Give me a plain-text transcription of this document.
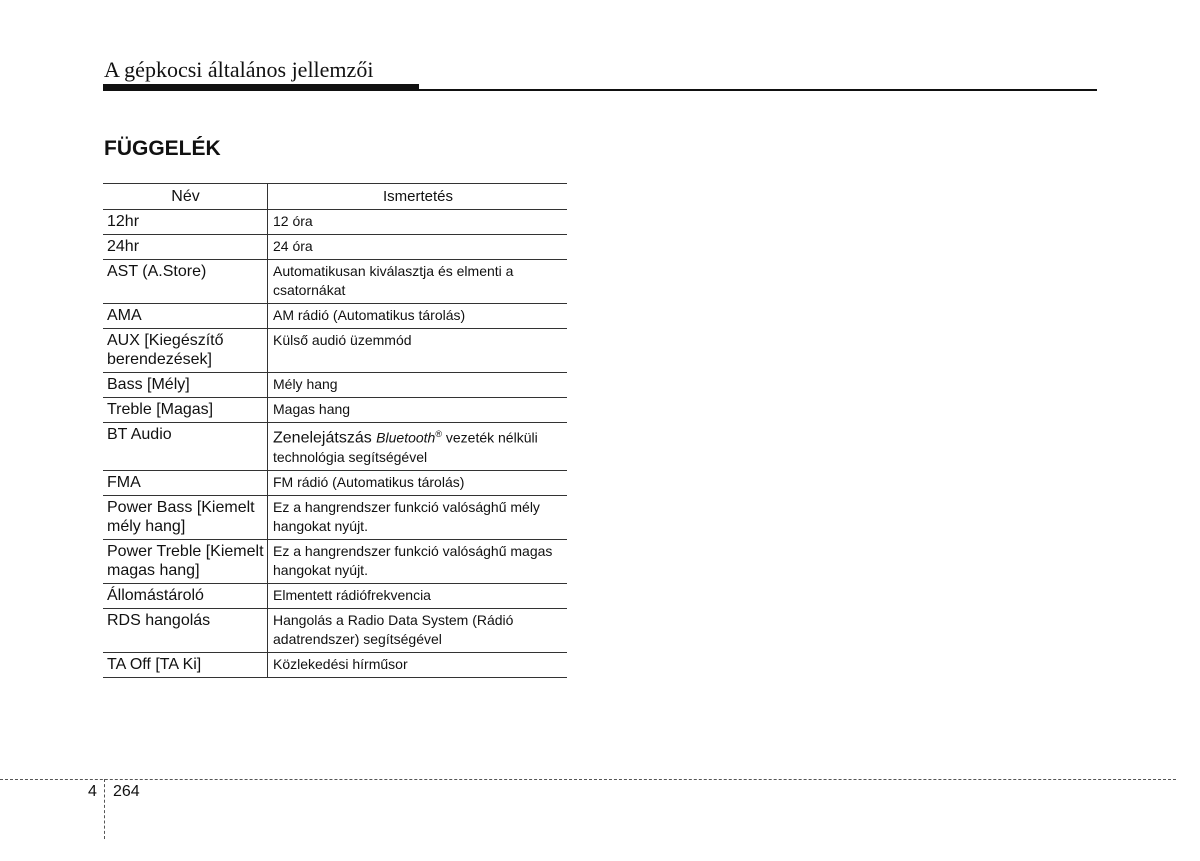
A gépkocsi általános jellemzői
FÜGGELÉK
Név	Ismertetés
12hr	12 óra
24hr	24 óra
AST (A.Store)	Automatikusan kiválasztja és elmenti a csatornákat
AMA	AM rádió (Automatikus tárolás)
AUX [Kiegészítő berendezések]	Külső audió üzemmód
Bass [Mély]	Mély hang
Treble [Magas]	Magas hang
BT Audio	Zenelejátszás Bluetooth® vezeték nélküli technológia segítségével
FMA	FM rádió (Automatikus tárolás)
Power Bass [Kiemelt mély hang]	Ez a hangrendszer funkció valósághű mély hangokat nyújt.
Power Treble [Kiemelt magas hang]	Ez a hangrendszer funkció valósághű magas hangokat nyújt.
Állomástároló	Elmentett rádiófrekvencia
RDS hangolás	Hangolás a Radio Data System (Rádió adatrendszer) segítségével
TA Off [TA Ki]	Közlekedési hírműsor
4 264
